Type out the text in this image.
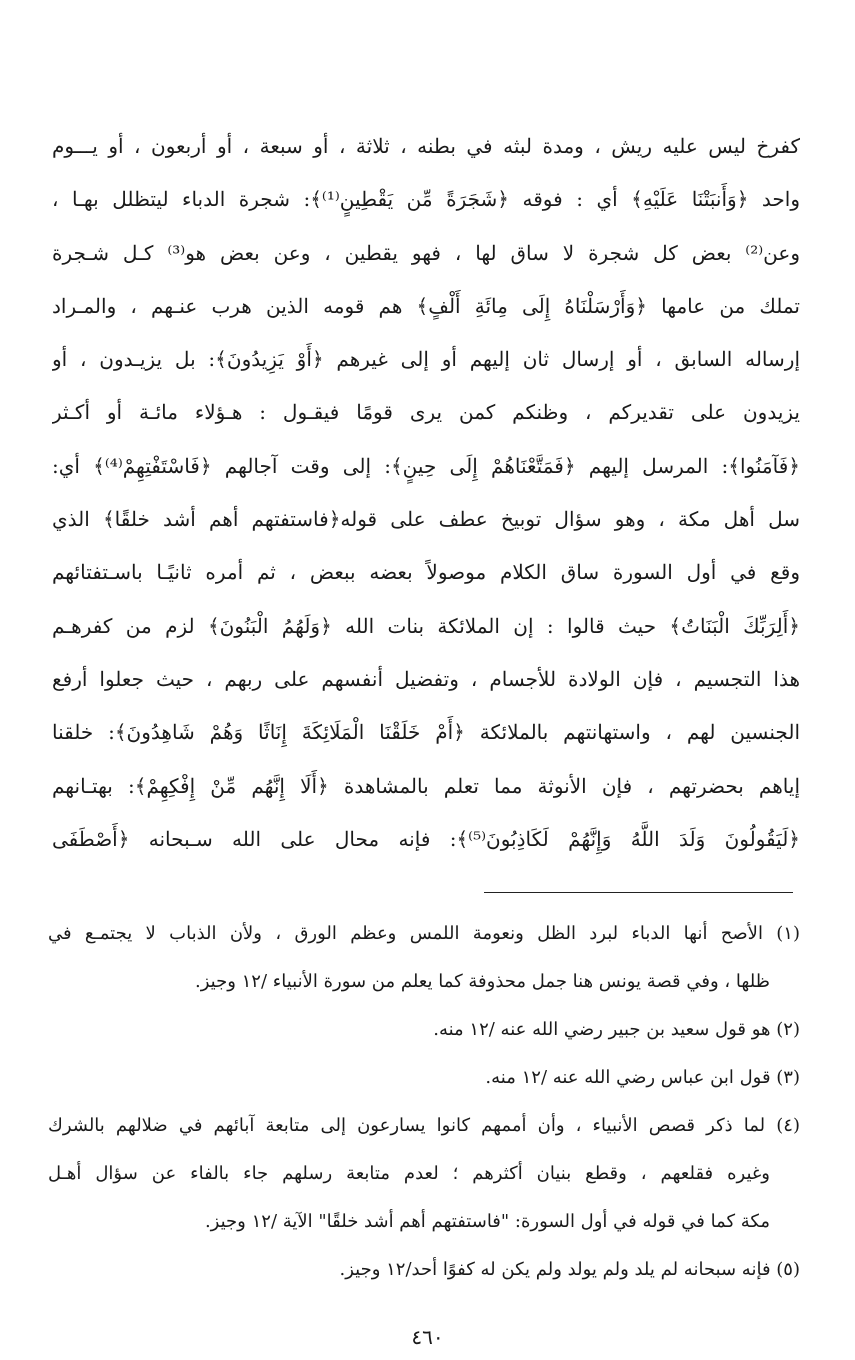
كفرخ ليس عليه ريش ، ومدة لبثه في بطنه ، ثلاثة ، أو سبعة ، أو أربعون ، أو يـــوم
واحد ﴿وَأَنبَتْنَا عَلَيْهِ﴾ أي : فوقه ﴿شَجَرَةً مِّن يَقْطِينٍ⁽¹⁾﴾: شجرة الدباء ليتظلل بهـا ،
وعن⁽²⁾ بعض كل شجرة لا ساق لها ، فهو يقطين ، وعن بعض هو⁽³⁾ كـل شـجرة
تملك من عامها ﴿وَأَرْسَلْنَاهُ إِلَى مِائَةِ أَلْفٍ﴾ هم قومه الذين هرب عنـهم ، والمـراد
إرساله السابق ، أو إرسال ثان إليهم أو إلى غيرهم ﴿أَوْ يَزِيدُونَ﴾: بل يزيـدون ، أو
يزيدون على تقديركم ، وظنكم كمن يرى قومًا فيقـول : هـؤلاء مائـة أو أكـثر
﴿فَآمَنُوا﴾: المرسل إليهم ﴿فَمَتَّعْنَاهُمْ إِلَى حِينٍ﴾: إلى وقت آجالهم ﴿فَاسْتَفْتِهِمْ⁽⁴⁾﴾ أي:
سل أهل مكة ، وهو سؤال توبيخ عطف على قوله﴿فاستفتهم أهم أشد خلقًا﴾ الذي
وقع في أول السورة ساق الكلام موصولاً بعضه ببعض ، ثم أمره ثانيًـا باسـتفتائهم
﴿أَلِرَبِّكَ الْبَنَاتُ﴾ حيث قالوا : إن الملائكة بنات الله ﴿وَلَهُمُ الْبَنُونَ﴾ لزم من كفرهـم
هذا التجسيم ، فإن الولادة للأجسام ، وتفضيل أنفسهم على ربهم ، حيث جعلوا أرفع
الجنسين لهم ، واستهانتهم بالملائكة ﴿أَمْ خَلَقْنَا الْمَلَائِكَةَ إِنَاثًا وَهُمْ شَاهِدُونَ﴾: خلقنا
إياهم بحضرتهم ، فإن الأنوثة مما تعلم بالمشاهدة ﴿أَلَا إِنَّهُم مِّنْ إِفْكِهِمْ﴾: بهتـانهم
﴿لَيَقُولُونَ وَلَدَ اللَّهُ وَإِنَّهُمْ لَكَاذِبُونَ⁽⁵⁾﴾: فإنه محال على الله سـبحانه ﴿أَصْطَفَى
(١) الأصح أنها الدباء لبرد الظل ونعومة اللمس وعظم الورق ، ولأن الذباب لا يجتمـع في
ظلها ، وفي قصة يونس هنا جمل محذوفة كما يعلم من سورة الأنبياء /١٢ وجيز.
(٢) هو قول سعيد بن جبير رضي الله عنه /١٢ منه.
(٣) قول ابن عباس رضي الله عنه /١٢ منه.
(٤) لما ذكر قصص الأنبياء ، وأن أممهم كانوا يسارعون إلى متابعة آبائهم في ضلالهم بالشرك
وغيره فقلعهم ، وقطع بنيان أكثرهم ؛ لعدم متابعة رسلهم جاء بالفاء عن سؤال أهـل
مكة كما في قوله في أول السورة: "فاستفتهم أهم أشد خلقًا" الآية /١٢ وجيز.
(٥) فإنه سبحانه لم يلد ولم يولد ولم يكن له كفوًا أحد/١٢ وجيز.
٤٦٠
